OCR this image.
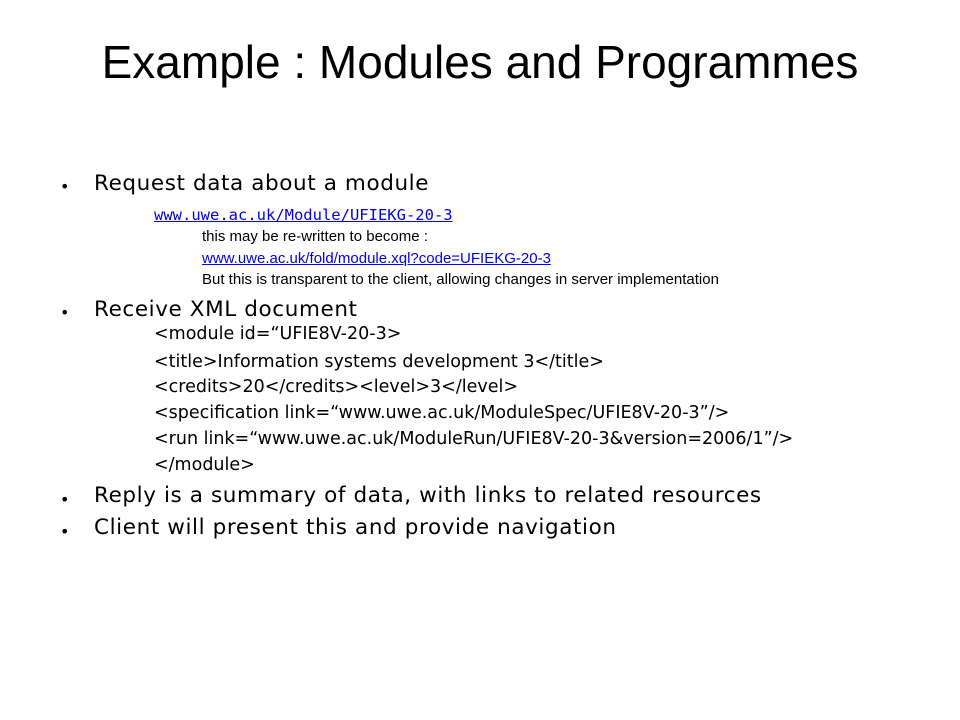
Example : Modules and Programmes
• Request data about a module
www.uwe.ac.uk/Module/UFIEKG-20-3
this may be re-written to become :
www.uwe.ac.uk/fold/module.xql?code=UFIEKG-20-3
But this is transparent to the client, allowing changes in server implementation
• Receive XML document
<module id=“UFIE8V-20-3>
<title>Information systems development 3</title>
<credits>20</credits><level>3</level>
<specification link=“www.uwe.ac.uk/ModuleSpec/UFIE8V-20-3”/>
<run link=“www.uwe.ac.uk/ModuleRun/UFIE8V-20-3&version=2006/1”/>
</module>
• Reply is a summary of data, with links to related resources
• Client will present this and provide navigation
